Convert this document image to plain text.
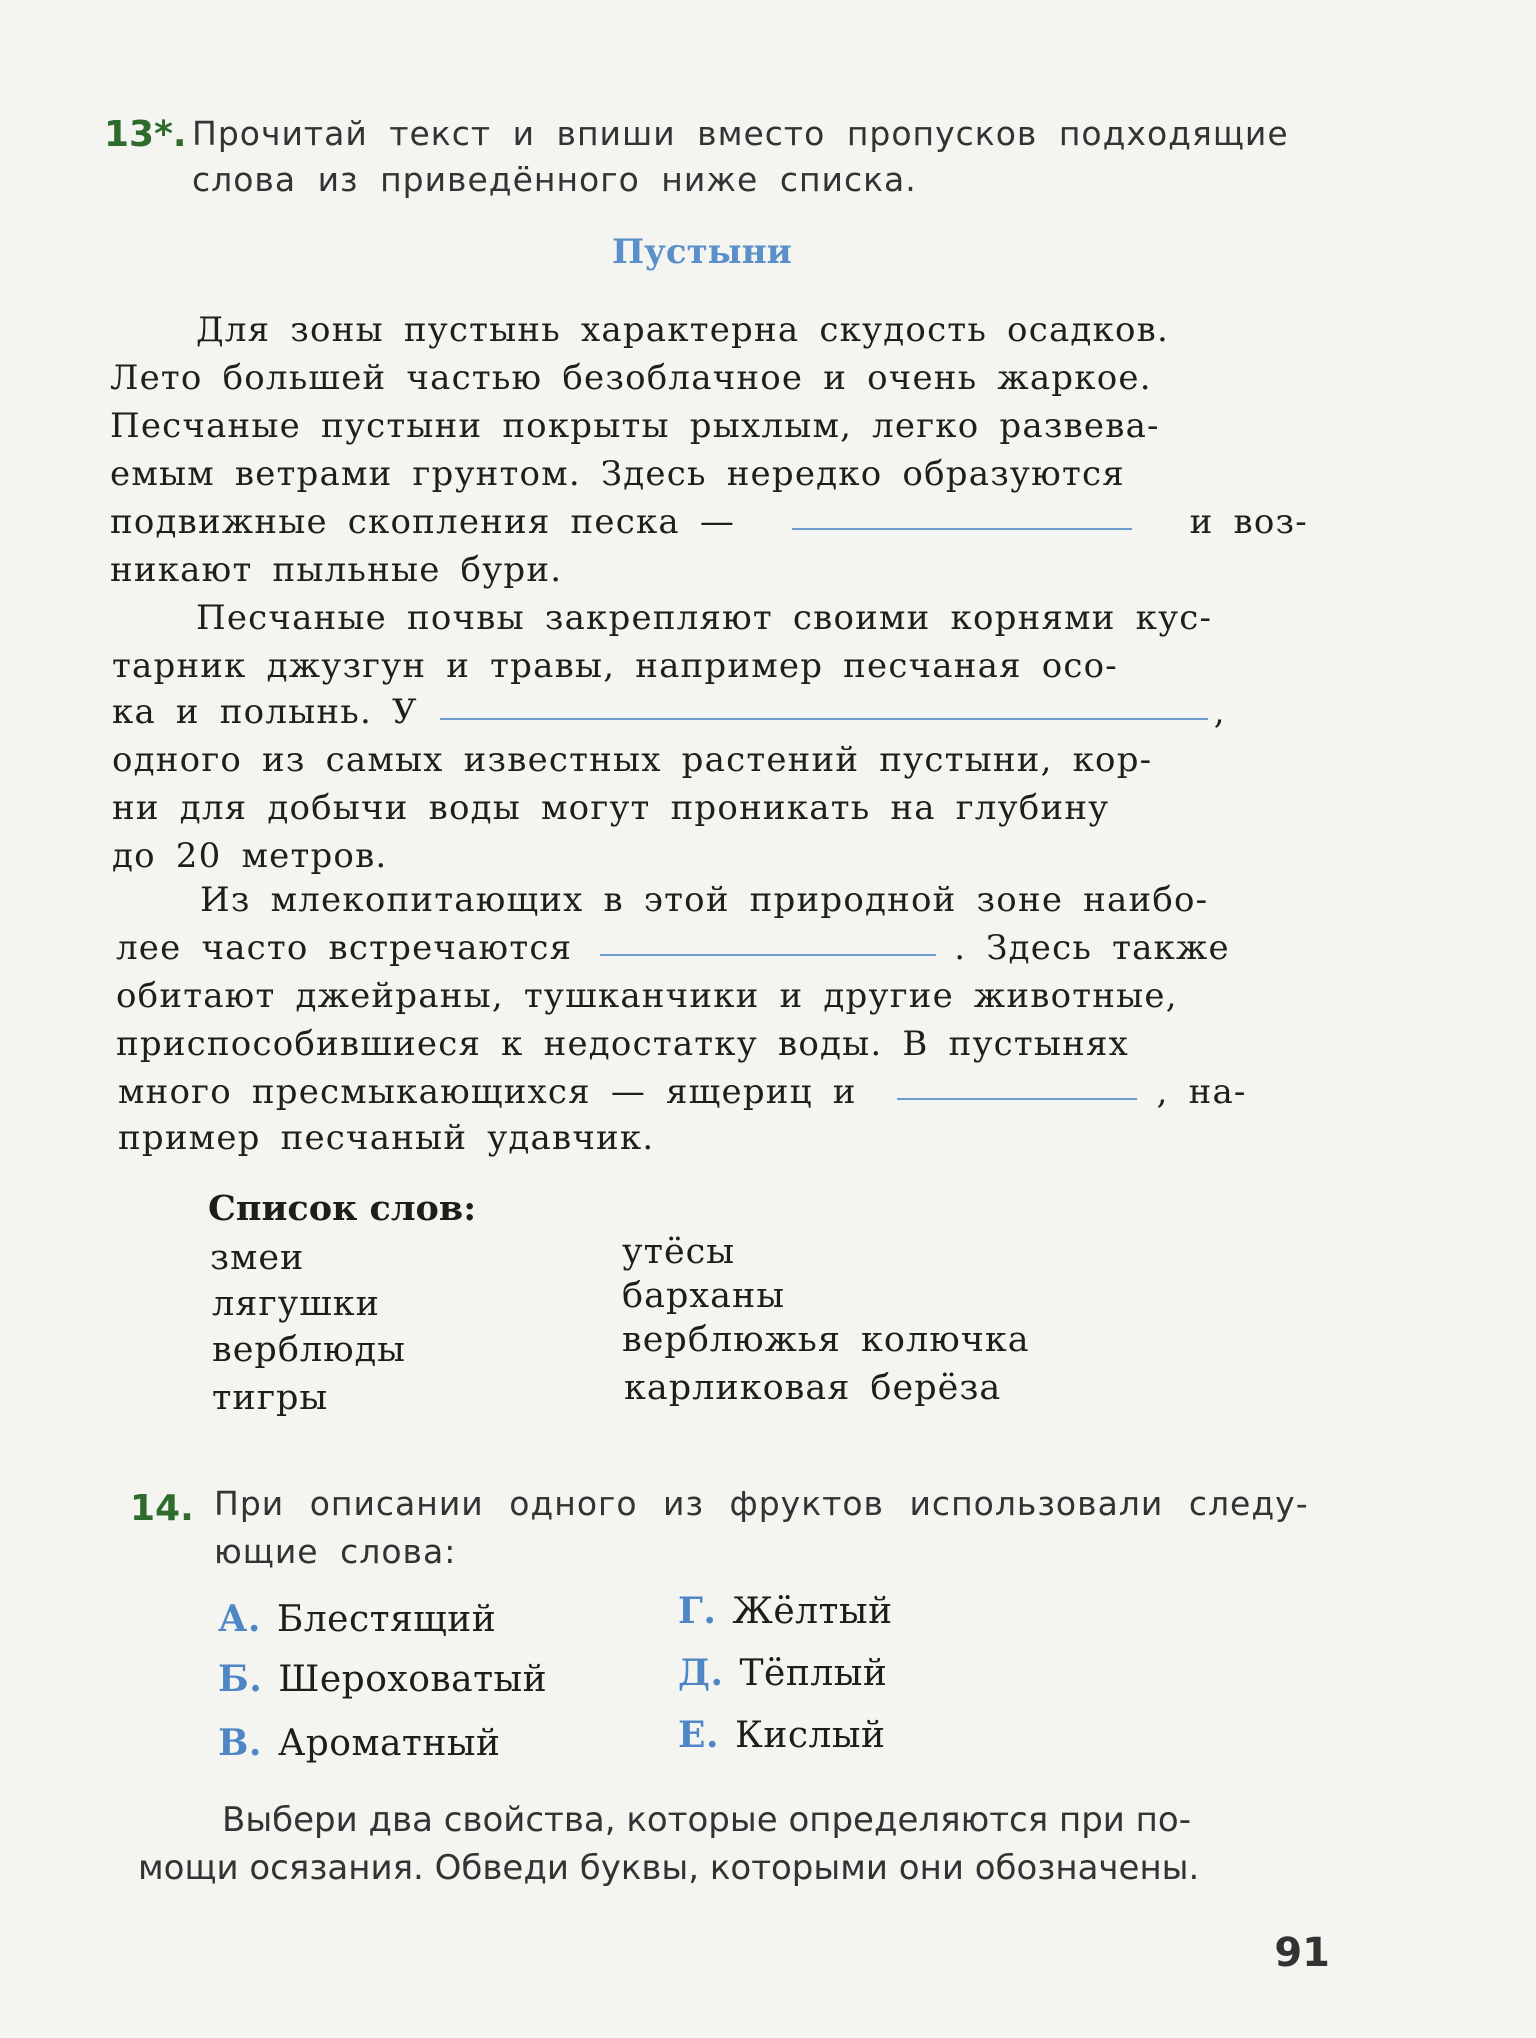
13*. Прочитай текст и впиши вместо пропусков подходящие
слова из приведённого ниже списка.
Пустыни
Для зоны пустынь характерна скудость осадков.
Лето большей частью безоблачное и очень жаркое.
Песчаные пустыни покрыты рыхлым, легко развева-
емым ветрами грунтом. Здесь нередко образуются
подвижные скопления песка —	и воз-
никают пыльные бури.
Песчаные почвы закрепляют своими корнями кус-
тарник джузгун и травы, например песчаная осо-
ка и полынь. У	,
одного из самых известных растений пустыни, кор-
ни для добычи воды могут проникать на глубину
до 20 метров.
Из млекопитающих в этой природной зоне наибо-
лее часто встречаются	. Здесь также
обитают джейраны, тушканчики и другие животные,
приспособившиеся к недостатку воды. В пустынях
много пресмыкающихся — ящериц и	, на-
пример песчаный удавчик.
Список слов:
змеи
лягушки
верблюды
тигры
утёсы
барханы
верблюжья колючка
карликовая берёза
14. При описании одного из фруктов использовали следу-
ющие слова:
А. Блестящий
Б. Шероховатый
В. Ароматный
Г. Жёлтый
Д. Тёплый
Е. Кислый
Выбери два свойства, которые определяются при по-
мощи осязания. Обведи буквы, которыми они обозначены.
91
